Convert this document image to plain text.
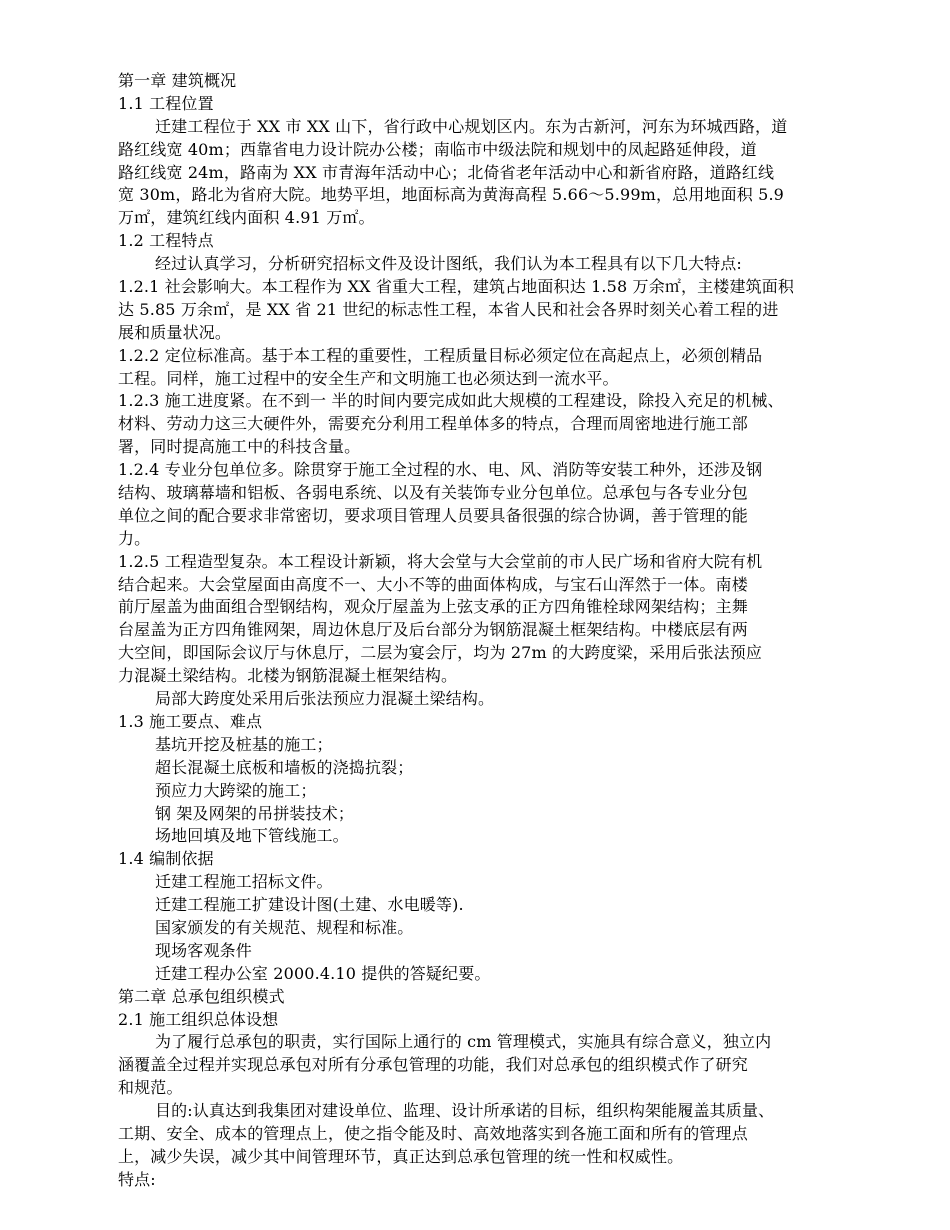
第一章 建筑概况
1.1 工程位置
迁建工程位于 XX 市 XX 山下，省行政中心规划区内。东为古新河，河东为环城西路，道
路红线宽 40m；西靠省电力设计院办公楼；南临市中级法院和规划中的凤起路延伸段，道
路红线宽 24m，路南为 XX 市青海年活动中心；北倚省老年活动中心和新省府路，道路红线
宽 30m，路北为省府大院。地势平坦，地面标高为黄海高程 5.66～5.99m，总用地面积 5.9
万㎡，建筑红线内面积 4.91 万㎡。
1.2 工程特点
经过认真学习，分析研究招标文件及设计图纸，我们认为本工程具有以下几大特点:
1.2.1 社会影响大。本工程作为 XX 省重大工程，建筑占地面积达 1.58 万余㎡，主楼建筑面积
达 5.85 万余㎡，是 XX 省 21 世纪的标志性工程，本省人民和社会各界时刻关心着工程的进
展和质量状况。
1.2.2 定位标准高。基于本工程的重要性，工程质量目标必须定位在高起点上，必须创精品
工程。同样，施工过程中的安全生产和文明施工也必须达到一流水平。
1.2.3 施工进度紧。在不到一 半的时间内要完成如此大规模的工程建设，除投入充足的机械、
材料、劳动力这三大硬件外，需要充分利用工程单体多的特点，合理而周密地进行施工部
署，同时提高施工中的科技含量。
1.2.4 专业分包单位多。除贯穿于施工全过程的水、电、风、消防等安装工种外，还涉及钢
结构、玻璃幕墙和铝板、各弱电系统、以及有关装饰专业分包单位。总承包与各专业分包
单位之间的配合要求非常密切，要求项目管理人员要具备很强的综合协调，善于管理的能
力。
1.2.5 工程造型复杂。本工程设计新颖，将大会堂与大会堂前的市人民广场和省府大院有机
结合起来。大会堂屋面由高度不一、大小不等的曲面体构成，与宝石山浑然于一体。南楼
前厅屋盖为曲面组合型钢结构，观众厅屋盖为上弦支承的正方四角锥栓球网架结构；主舞
台屋盖为正方四角锥网架，周边休息厅及后台部分为钢筋混凝土框架结构。中楼底层有两
大空间，即国际会议厅与休息厅，二层为宴会厅，均为 27m 的大跨度梁，采用后张法预应
力混凝土梁结构。北楼为钢筋混凝土框架结构。
局部大跨度处采用后张法预应力混凝土梁结构。
1.3 施工要点、难点
基坑开挖及桩基的施工；
超长混凝土底板和墙板的浇捣抗裂；
预应力大跨梁的施工；
钢 架及网架的吊拼装技术；
场地回填及地下管线施工。
1.4 编制依据
迁建工程施工招标文件。
迁建工程施工扩建设计图(土建、水电暖等).
国家颁发的有关规范、规程和标准。
现场客观条件
迁建工程办公室 2000.4.10 提供的答疑纪要。
第二章 总承包组织模式
2.1 施工组织总体设想
为了履行总承包的职责，实行国际上通行的 cm 管理模式，实施具有综合意义，独立内
涵覆盖全过程并实现总承包对所有分承包管理的功能，我们对总承包的组织模式作了研究
和规范。
目的:认真达到我集团对建设单位、监理、设计所承诺的目标，组织构架能履盖其质量、
工期、安全、成本的管理点上，使之指令能及时、高效地落实到各施工面和所有的管理点
上，减少失误，减少其中间管理环节，真正达到总承包管理的统一性和权威性。
特点:
